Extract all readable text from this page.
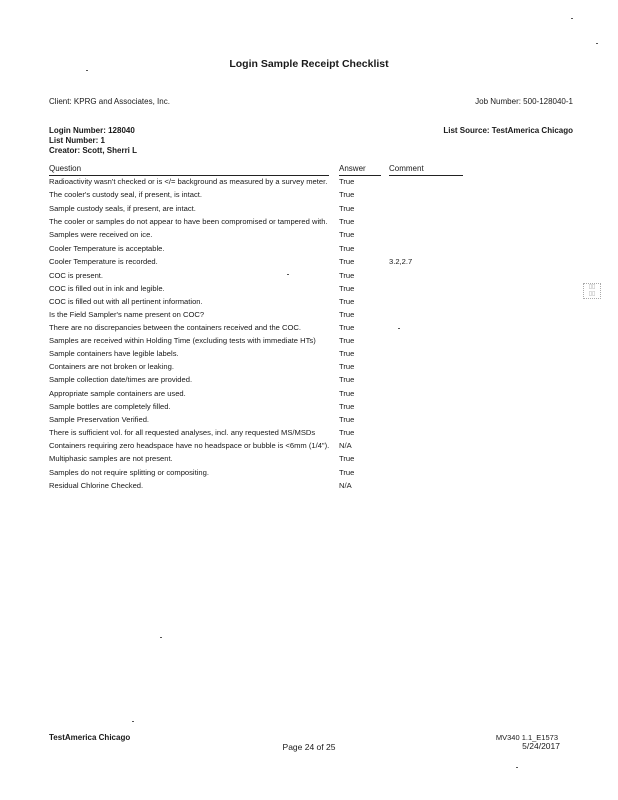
Login Sample Receipt Checklist
Client: KPRG and Associates, Inc.	Job Number: 500-128040-1
Login Number: 128040
List Number: 1
Creator: Scott, Sherri L
List Source: TestAmerica Chicago
Question	Answer	Comment
Radioactivity wasn't checked or is </= background as measured by a survey meter.	True
The cooler's custody seal, if present, is intact.	True
Sample custody seals, if present, are intact.	True
The cooler or samples do not appear to have been compromised or tampered with.	True
Samples were received on ice.	True
Cooler Temperature is acceptable.	True
Cooler Temperature is recorded.	True	3.2,2.7
COC is present.	True
COC is filled out in ink and legible.	True
COC is filled out with all pertinent information.	True
Is the Field Sampler's name present on COC?	True
There are no discrepancies between the containers received and the COC.	True
Samples are received within Holding Time (excluding tests with immediate HTs)	True
Sample containers have legible labels.	True
Containers are not broken or leaking.	True
Sample collection date/times are provided.	True
Appropriate sample containers are used.	True
Sample bottles are completely filled.	True
Sample Preservation Verified.	True
There is sufficient vol. for all requested analyses, incl. any requested MS/MSDs	True
Containers requiring zero headspace have no headspace or bubble is <6mm (1/4").	N/A
Multiphasic samples are not present.	True
Samples do not require splitting or compositing.	True
Residual Chlorine Checked.	N/A
TestAmerica Chicago
Page 24 of 25
MV340 1.1_E1573
5/24/2017
▯▯
▯▯
